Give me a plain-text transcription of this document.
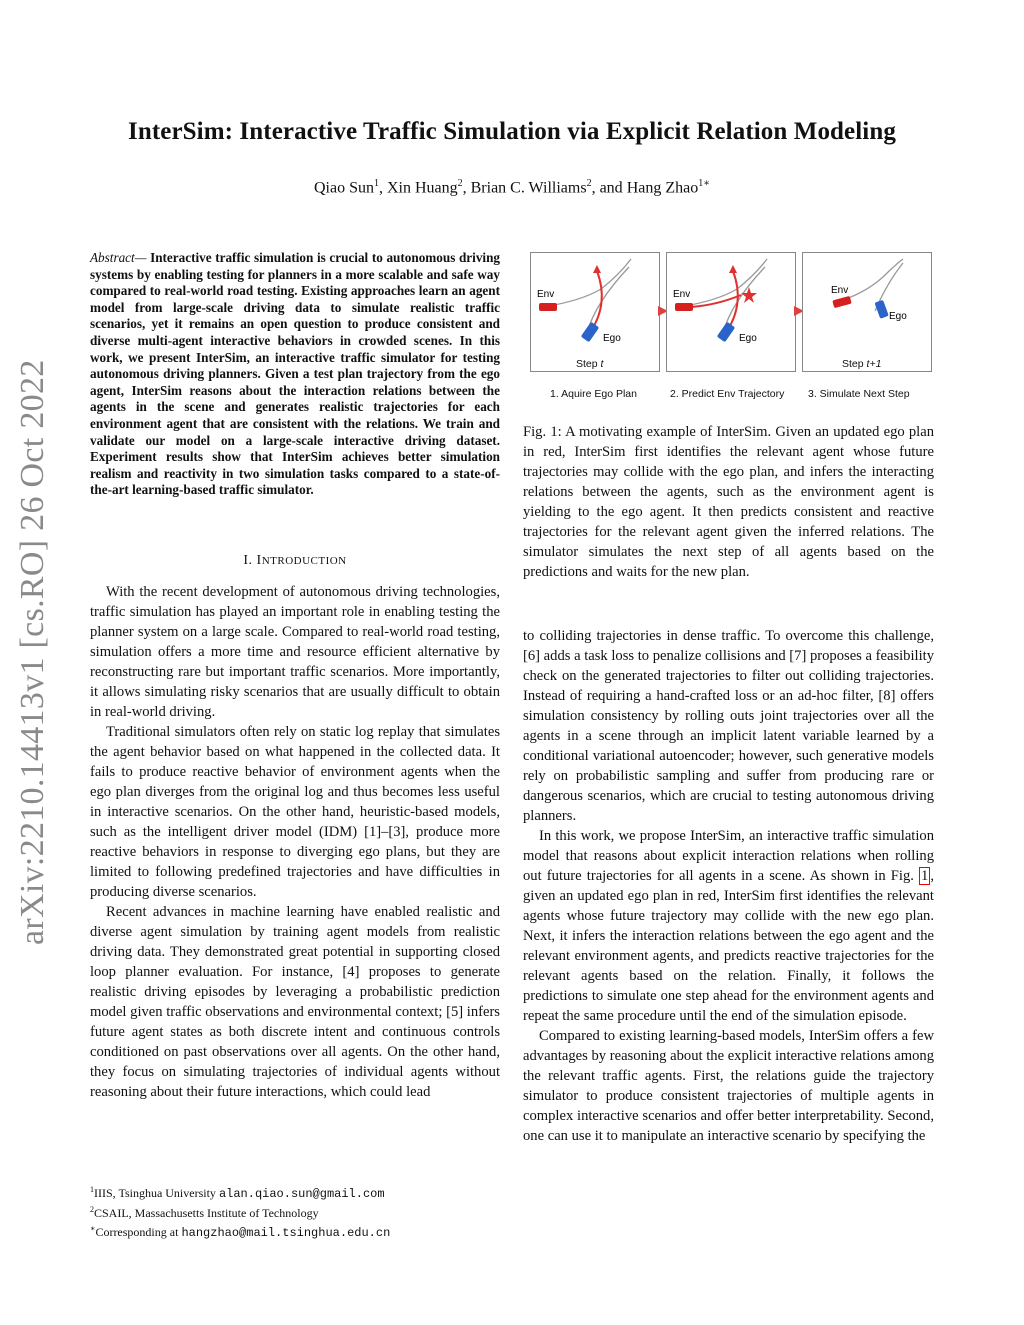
InterSim: Interactive Traffic Simulation via Explicit Relation Modeling
Qiao Sun$^1$, Xin Huang$^2$, Brian C. Williams$^2$, and Hang Zhao$^{1∗}$
arXiv:2210.14413v1 [cs.RO] 26 Oct 2022
Abstract— Interactive traffic simulation is crucial to autonomous driving systems by enabling testing for planners in a more scalable and safe way compared to real-world road testing. Existing approaches learn an agent model from large-scale driving data to simulate realistic traffic scenarios, yet it remains an open question to produce consistent and diverse multi-agent interactive behaviors in crowded scenes. In this work, we present InterSim, an interactive traffic simulator for testing autonomous driving planners. Given a test plan trajectory from the ego agent, InterSim reasons about the interaction relations between the agents in the scene and generates realistic trajectories for each environment agent that are consistent with the relations. We train and validate our model on a large-scale interactive driving dataset. Experiment results show that InterSim achieves better simulation realism and reactivity in two simulation tasks compared to a state-of-the-art learning-based traffic simulator.
I. INTRODUCTION

With the recent development of autonomous driving technologies, traffic simulation has played an important role in enabling testing the planner system on a large scale. Compared to real-world road testing, simulation offers a more time and resource efficient alternative by reconstructing rare but important traffic scenarios. More importantly, it allows simulating risky scenarios that are usually difficult to obtain in real-world driving.

Traditional simulators often rely on static log replay that simulates the agent behavior based on what happened in the collected data. It fails to produce reactive behavior of environment agents when the ego plan diverges from the original log and thus becomes less useful in interactive scenarios. On the other hand, heuristic-based models, such as the intelligent driver model (IDM) [1]–[3], produce more reactive behaviors in response to diverging ego plans, but they are limited to following predefined trajectories and have difficulties in producing diverse scenarios.

Recent advances in machine learning have enabled realistic and diverse agent simulation by training agent models from realistic driving data. They demonstrated great potential in supporting closed loop planner evaluation. For instance, [4] proposes to generate realistic driving episodes by leveraging a probabilistic prediction model given traffic observations and environmental context; [5] infers future agent states as both discrete intent and continuous controls conditioned on past observations over all agents. On the other hand, they focus on simulating trajectories of individual agents without reasoning about their future interactions, which could lead

$^1$IIIS, Tsinghua University alan.qiao.sun@gmail.com
$^2$CSAIL, Massachusetts Institute of Technology
∗Corresponding at hangzhao@mail.tsinghua.edu.cn
Env
Ego
Env
Ego
Env
Ego
Step t	Step t+1
1. Aquire Ego Plan	2. Predict Env Trajectory 3. Simulate Next Step
Fig. 1: A motivating example of InterSim. Given an updated ego plan in red, InterSim first identifies the relevant agent whose future trajectories may collide with the ego plan, and infers the interacting relations between the agents, such as the environment agent is yielding to the ego agent. It then predicts consistent and reactive trajectories for the relevant agent given the inferred relations. The simulator simulates the next step of all agents based on the predictions and waits for the new plan.

to colliding trajectories in dense traffic. To overcome this challenge, [6] adds a task loss to penalize collisions and [7] proposes a feasibility check on the generated trajectories to filter out colliding trajectories. Instead of requiring a hand-crafted loss or an ad-hoc filter, [8] offers simulation consistency by rolling outs joint trajectories over all the agents in a scene through an implicit latent variable learned by a conditional variational autoencoder; however, such generative models rely on probabilistic sampling and suffer from producing rare or dangerous scenarios, which are crucial to testing autonomous driving planners.

In this work, we propose InterSim, an interactive traffic simulation model that reasons about explicit interaction relations when rolling out future trajectories for all agents in a scene. As shown in Fig. 1 , given an updated ego plan in red, InterSim first identifies the relevant agents whose future trajectory may collide with the new ego plan. Next, it infers the interaction relations between the ego agent and the relevant environment agents, and predicts reactive trajectories for the relevant agents based on the relation. Finally, it follows the predictions to simulate one step ahead for the environment agents and repeat the same procedure until the end of the simulation episode.

Compared to existing learning-based models, InterSim offers a few advantages by reasoning about the explicit interactive relations among the relevant traffic agents. First, the relations guide the trajectory simulator to produce consistent trajectories of multiple agents in complex interactive scenarios and offer better interpretability. Second, one can use it to manipulate an interactive scenario by specifying the
